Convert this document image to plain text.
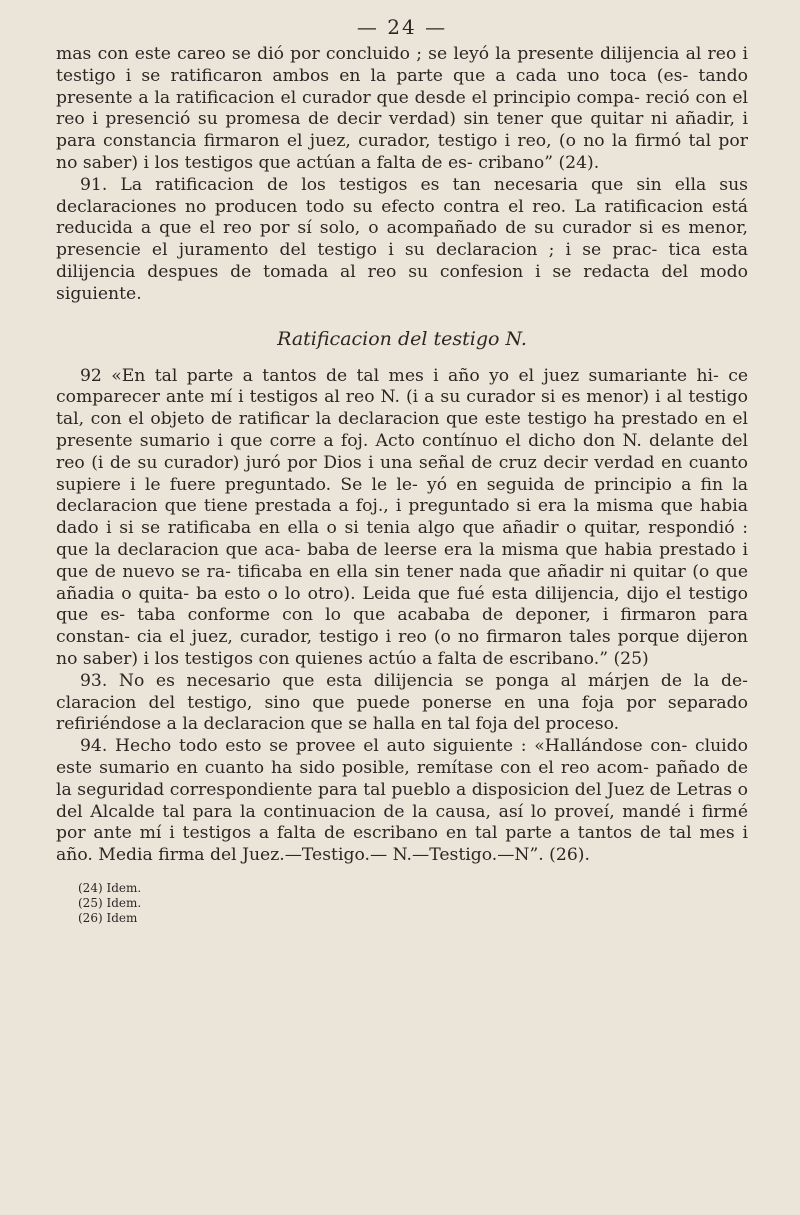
— 24 —

mas con este careo se dió por concluido ; se leyó la presente dilijencia al reo i testigo i se ratificaron ambos en la parte que a cada uno toca (es- tando presente a la ratificacion el curador que desde el principio compa- reció con el reo i presenció su promesa de decir verdad) sin tener que quitar ni añadir, i para constancia firmaron el juez, curador, testigo i reo, (o no la firmó tal por no saber) i los testigos que actúan a falta de es- cribano” (24).

91. La ratificacion de los testigos es tan necesaria que sin ella sus declaraciones no producen todo su efecto contra el reo. La ratificacion está reducida a que el reo por sí solo, o acompañado de su curador si es menor, presencie el juramento del testigo i su declaracion ; i se prac- tica esta dilijencia despues de tomada al reo su confesion i se redacta del modo siguiente.

Ratificacion del testigo N.

92 «En tal parte a tantos de tal mes i año yo el juez sumariante hi- ce comparecer ante mí i testigos al reo N. (i a su curador si es menor) i al testigo tal, con el objeto de ratificar la declaracion que este testigo ha prestado en el presente sumario i que corre a foj. Acto contínuo el dicho don N. delante del reo (i de su curador) juró por Dios i una señal de cruz decir verdad en cuanto supiere i le fuere preguntado. Se le le- yó en seguida de principio a fin la declaracion que tiene prestada a foj., i preguntado si era la misma que habia dado i si se ratificaba en ella o si tenia algo que añadir o quitar, respondió : que la declaracion que aca- baba de leerse era la misma que habia prestado i que de nuevo se ra- tificaba en ella sin tener nada que añadir ni quitar (o que añadia o quita- ba esto o lo otro). Leida que fué esta dilijencia, dijo el testigo que es- taba conforme con lo que acababa de deponer, i firmaron para constan- cia el juez, curador, testigo i reo (o no firmaron tales porque dijeron no saber) i los testigos con quienes actúo a falta de escribano.” (25)

93. No es necesario que esta dilijencia se ponga al márjen de la de- claracion del testigo, sino que puede ponerse en una foja por separado refiriéndose a la declaracion que se halla en tal foja del proceso.

94. Hecho todo esto se provee el auto siguiente : «Hallándose con- cluido este sumario en cuanto ha sido posible, remítase con el reo acom- pañado de la seguridad correspondiente para tal pueblo a disposicion del Juez de Letras o del Alcalde tal para la continuacion de la causa, así lo proveí, mandé i firmé por ante mí i testigos a falta de escribano en tal parte a tantos de tal mes i año. Media firma del Juez.—Testigo.— N.—Testigo.—N”. (26).

(24) Idem.
(25) Idem.
(26) Idem
